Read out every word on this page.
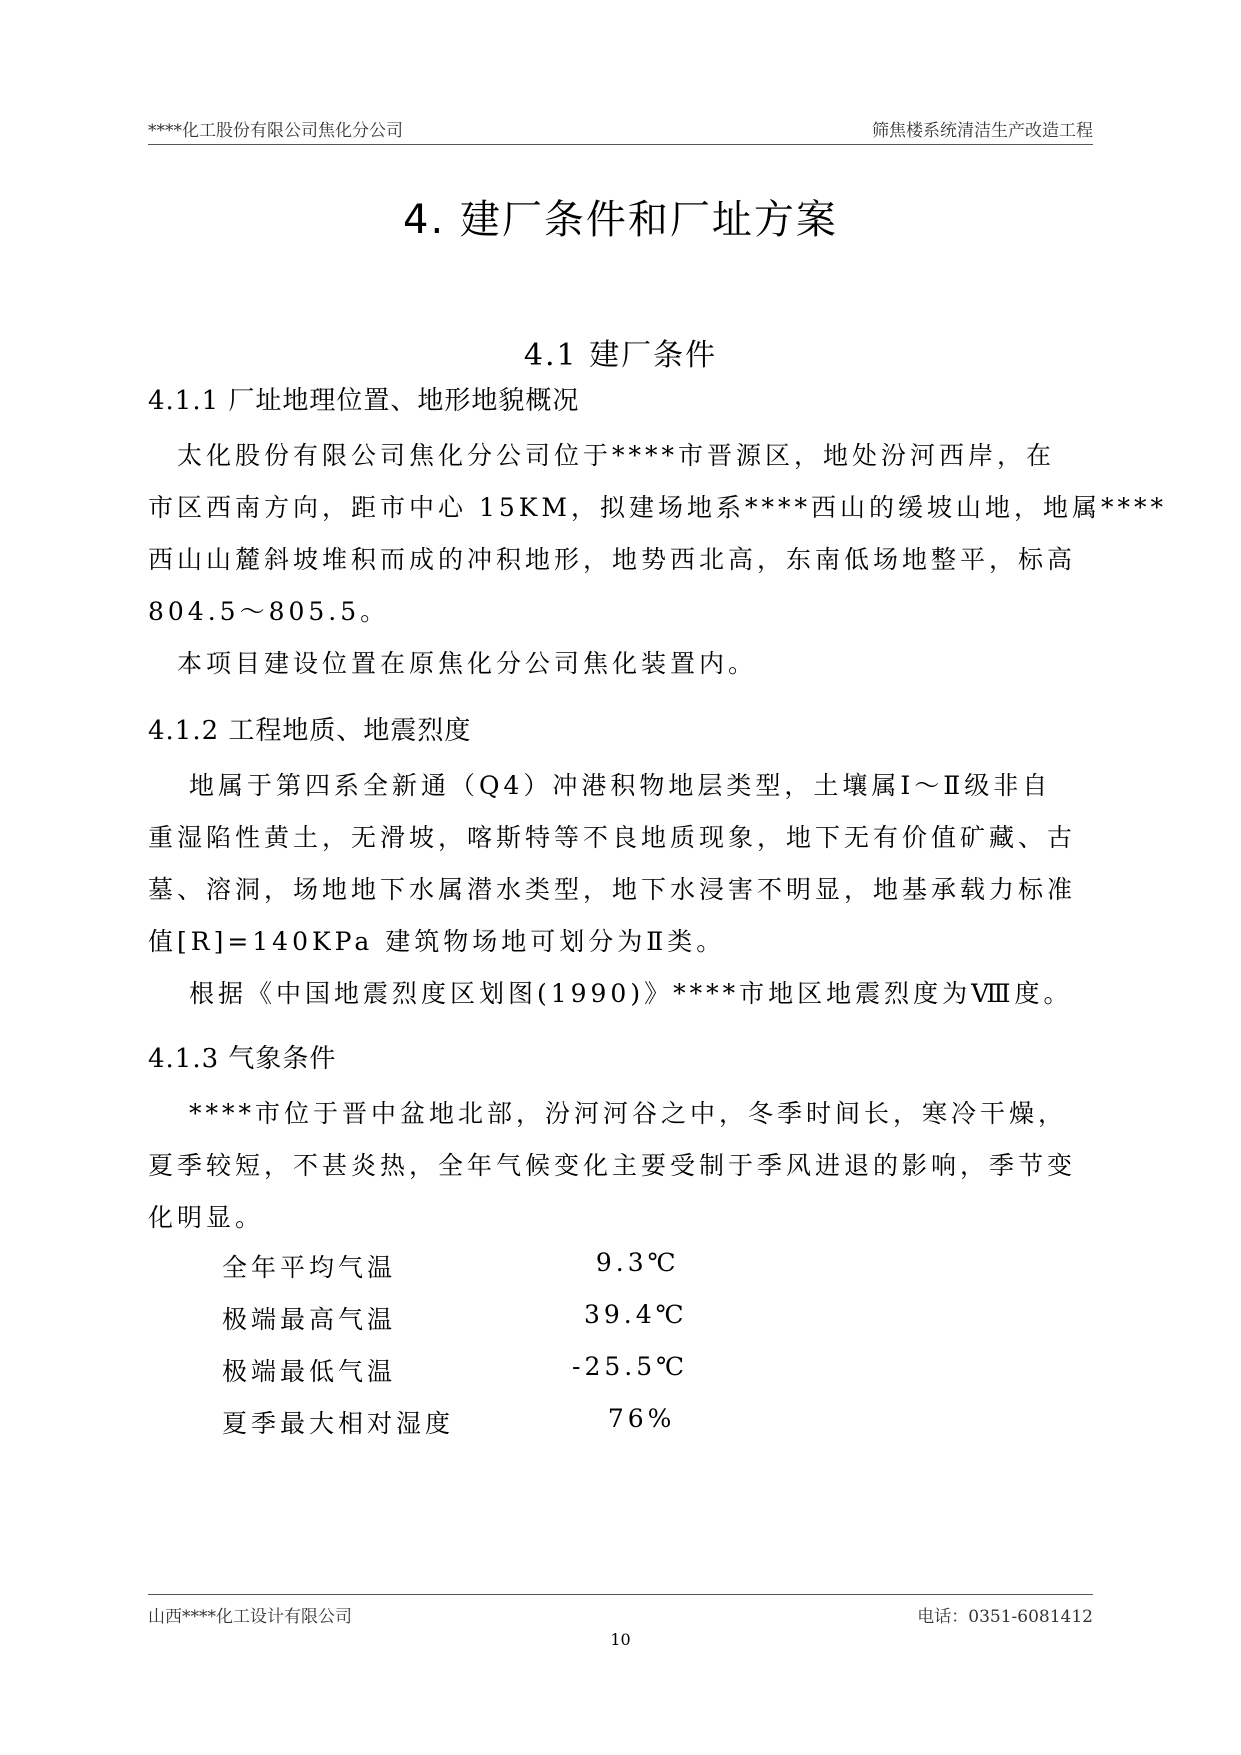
****化工股份有限公司焦化分公司	筛焦楼系统清洁生产改造工程
4. 建厂条件和厂址方案
4.1 建厂条件
4.1.1 厂址地理位置、地形地貌概况
　太化股份有限公司焦化分公司位于****市晋源区，地处汾河西岸，在
市区西南方向，距市中心 15KM，拟建场地系****西山的缓坡山地，地属****
西山山麓斜坡堆积而成的冲积地形，地势西北高，东南低场地整平，标高
804.5～805.5。
　本项目建设位置在原焦化分公司焦化装置内。
4.1.2 工程地质、地震烈度
　 地属于第四系全新通（Q4）冲港积物地层类型，土壤属Ⅰ～Ⅱ级非自
重湿陷性黄土，无滑坡，喀斯特等不良地质现象，地下无有价值矿藏、古
墓、溶洞，场地地下水属潜水类型，地下水浸害不明显，地基承载力标准
值[R]=140KPa 建筑物场地可划分为Ⅱ类。
　 根据《中国地震烈度区划图(1990)》****市地区地震烈度为Ⅷ度。
4.1.3 气象条件
　 ****市位于晋中盆地北部，汾河河谷之中，冬季时间长，寒冷干燥，
夏季较短，不甚炎热，全年气候变化主要受制于季风进退的影响，季节变
化明显。
全年平均气温	9.3℃
极端最高气温	39.4℃
极端最低气温	-25.5℃
夏季最大相对湿度	76%
山西****化工设计有限公司	电话：0351-6081412
10
